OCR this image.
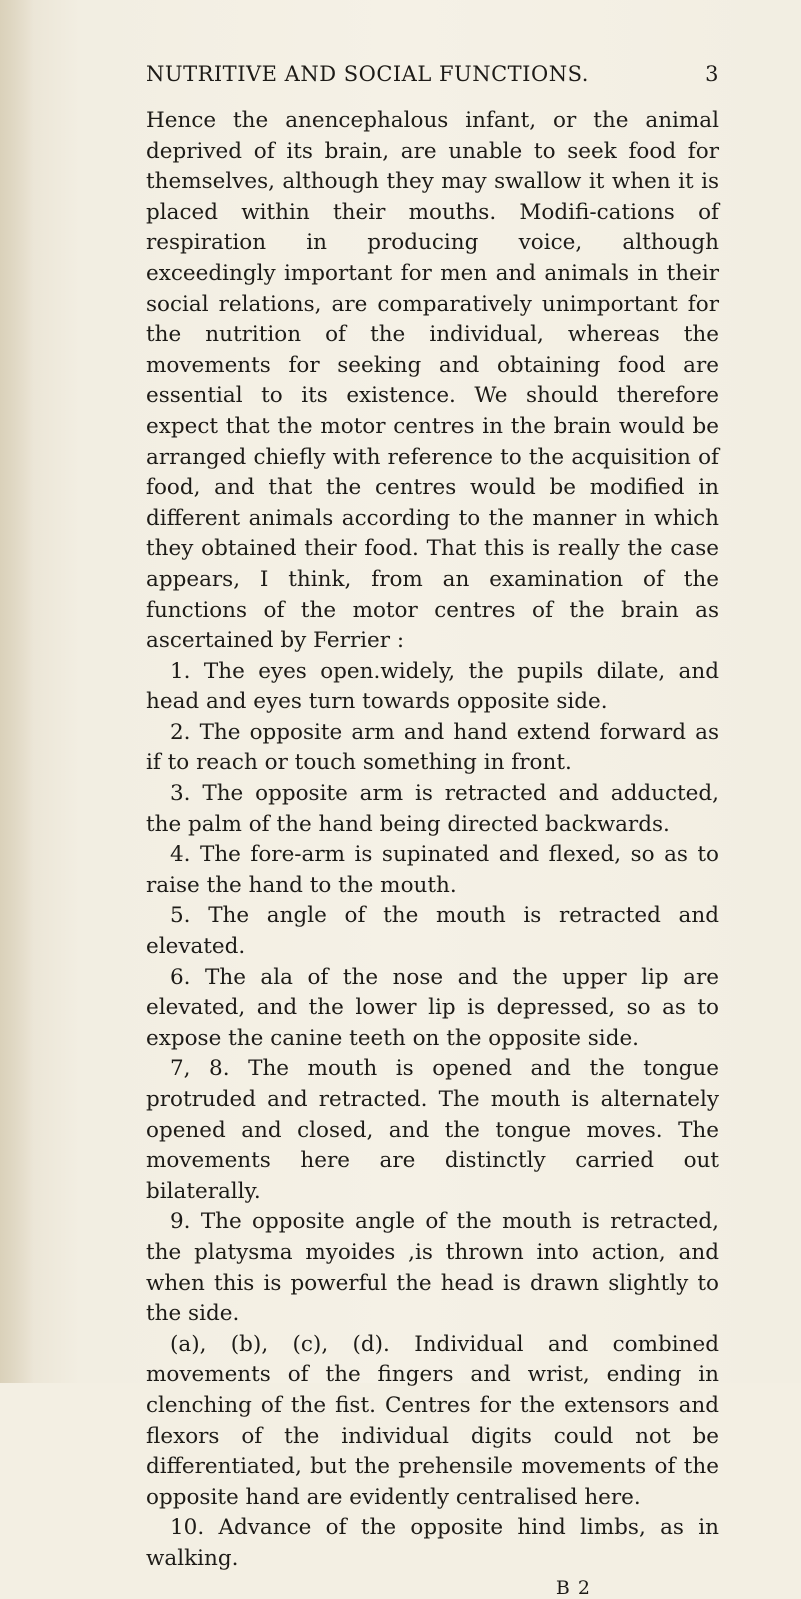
NUTRITIVE AND SOCIAL FUNCTIONS.	3

Hence the anencephalous infant, or the animal deprived of its brain, are unable to seek food for themselves, although they may swallow it when it is placed within their mouths. Modifi-cations of respiration in producing voice, although exceedingly important for men and animals in their social relations, are comparatively unimportant for the nutrition of the individual, whereas the movements for seeking and obtaining food are essential to its existence. We should therefore expect that the motor centres in the brain would be arranged chiefly with reference to the acquisition of food, and that the centres would be modified in different animals according to the manner in which they obtained their food. That this is really the case appears, I think, from an examination of the functions of the motor centres of the brain as ascertained by Ferrier :

1. The eyes open.widely, the pupils dilate, and head and eyes turn towards opposite side.

2. The opposite arm and hand extend forward as if to reach or touch something in front.

3. The opposite arm is retracted and adducted, the palm of the hand being directed backwards.

4. The fore-arm is supinated and flexed, so as to raise the hand to the mouth.

5. The angle of the mouth is retracted and elevated.

6. The ala of the nose and the upper lip are elevated, and the lower lip is depressed, so as to expose the canine teeth on the opposite side.

7, 8. The mouth is opened and the tongue protruded and retracted. The mouth is alternately opened and closed, and the tongue moves. The movements here are distinctly carried out bilaterally.

9. The opposite angle of the mouth is retracted, the platysma myoides ,is thrown into action, and when this is powerful the head is drawn slightly to the side.

(a), (b), (c), (d). Individual and combined movements of the fingers and wrist, ending in clenching of the fist. Centres for the extensors and flexors of the individual digits could not be differentiated, but the prehensile movements of the opposite hand are evidently centralised here.

10. Advance of the opposite hind limbs, as in walking.

B 2
